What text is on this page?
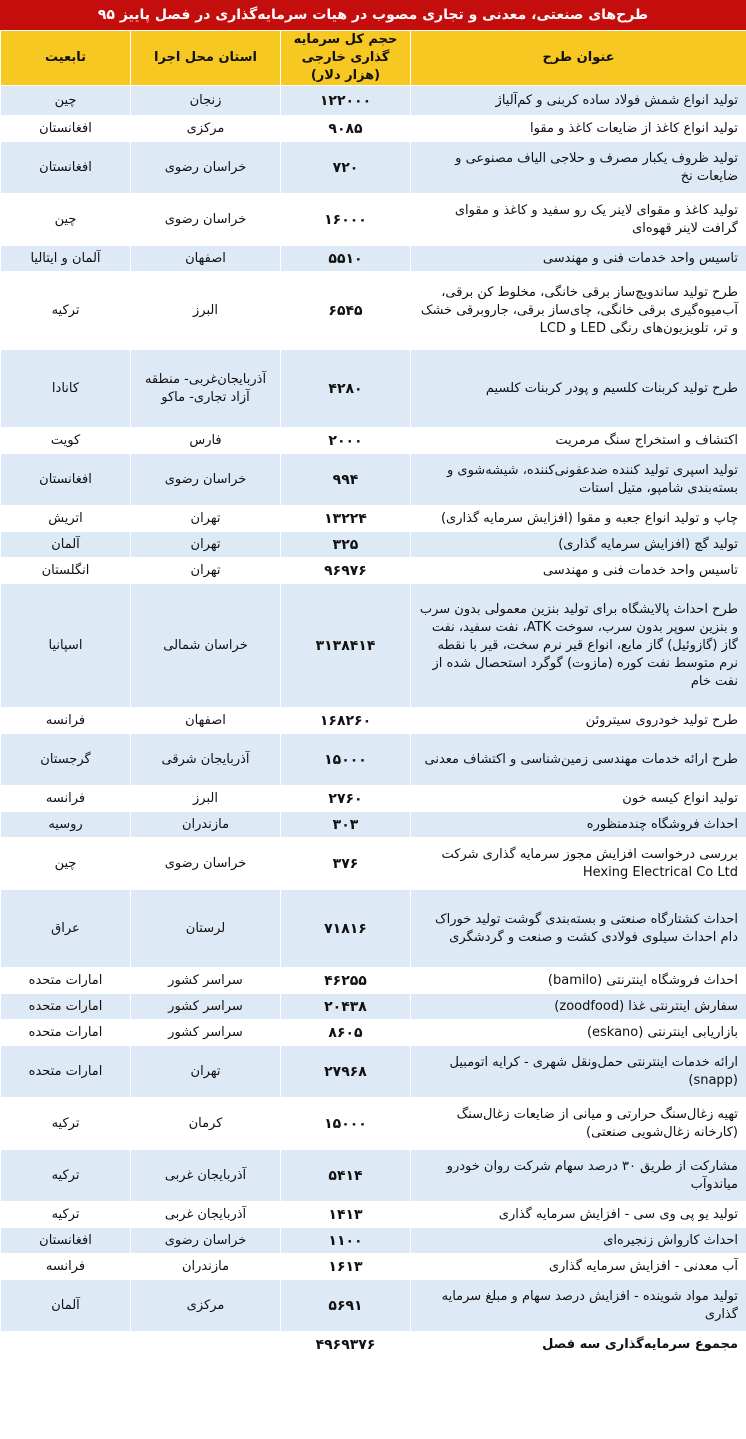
طرح‌های صنعتی، معدنی و تجاری مصوب در هیات سرمایه‌گذاری در فصل پاییز ۹۵
عنوان طرح	حجم کل سرمایه گذاری خارجی (هزار دلار)	استان محل اجرا	تابعیت
تولید انواع شمش فولاد ساده کربنی و کم‌آلیاژ	۱۲۲۰۰۰	زنجان	چین
تولید انواع کاغذ از ضایعات کاغذ و مقوا	۹۰۸۵	مرکزی	افغانستان
تولید ظروف یکبار مصرف و حلاجی الیاف مصنوعی و ضایعات نخ	۷۲۰	خراسان رضوی	افغانستان
تولید کاغذ و مقوای لاینر یک رو سفید و کاغذ و مقوای گرافت لاینر قهوه‌ای	۱۶۰۰۰	خراسان رضوی	چین
تاسیس واحد خدمات فنی و مهندسی	۵۵۱۰	اصفهان	آلمان و ایتالیا
طرح تولید ساندویچ‌ساز برقی خانگی، مخلوط کن برقی، آب‌میوه‌گیری برقی خانگی، چای‌ساز برقی، جاروبرقی خشک و تر، تلویزیون‌های رنگی LED و LCD	۶۵۴۵	البرز	ترکیه
طرح تولید کربنات کلسیم و پودر کربنات کلسیم	۴۲۸۰	آذربایجان‌غربی- منطقه آزاد تجاری- ماکو	کانادا
اکتشاف و استخراج سنگ مرمریت	۲۰۰۰	فارس	کویت
تولید اسپری تولید کننده ضدعفونی‌کننده، شیشه‌شوی و بسته‌بندی شامپو، متیل استات	۹۹۴	خراسان رضوی	افغانستان
چاپ و تولید انواع جعبه و مقوا (افزایش سرمایه گذاری)	۱۳۲۲۴	تهران	اتریش
تولید گچ (افزایش سرمایه گذاری)	۳۲۵	تهران	آلمان
تاسیس واحد خدمات فنی و مهندسی	۹۶۹۷۶	تهران	انگلستان
طرح احداث پالایشگاه برای تولید بنزین معمولی بدون سرب و بنزین سوپر بدون سرب، سوخت ATK، نفت سفید، نفت گاز (گازوئیل) گاز مایع، انواع قیر نرم سخت، قیر با نقطه نرم متوسط نفت کوره (مازوت) گوگرد استحصال شده از نفت خام	۳۱۳۸۴۱۴	خراسان شمالی	اسپانیا
طرح تولید خودروی سیتروئن	۱۶۸۲۶۰	اصفهان	فرانسه
طرح ارائه خدمات مهندسی زمین‌شناسی و اکتشاف معدنی	۱۵۰۰۰	آذربایجان شرقی	گرجستان
تولید انواع کیسه خون	۲۷۶۰	البرز	فرانسه
احداث فروشگاه چندمنظوره	۳۰۳	مازندران	روسیه
بررسی درخواست افزایش مجوز سرمایه گذاری شرکت Hexing Electrical Co Ltd	۳۷۶	خراسان رضوی	چین
احداث کشتارگاه صنعتی و بسته‌بندی گوشت تولید خوراک دام احداث سیلوی فولادی کشت و صنعت و گردشگری	۷۱۸۱۶	لرستان	عراق
احداث فروشگاه اینترنتی (bamilo)	۴۶۲۵۵	سراسر کشور	امارات متحده
سفارش اینترنتی غذا (zoodfood)	۲۰۴۳۸	سراسر کشور	امارات متحده
بازاریابی اینترنتی (eskano)	۸۶۰۵	سراسر کشور	امارات متحده
ارائه خدمات اینترنتی حمل‌ونقل شهری - کرایه اتومبیل (snapp)	۲۷۹۶۸	تهران	امارات متحده
تهیه زغال‌سنگ حرارتی و میانی از ضایعات زغال‌سنگ (کارخانه زغال‌شویی صنعتی)	۱۵۰۰۰	کرمان	ترکیه
مشارکت از طریق ۳۰ درصد سهام شرکت روان خودرو میاندوآب	۵۴۱۴	آذربایجان غربی	ترکیه
تولید یو پی وی سی - افزایش سرمایه گذاری	۱۴۱۳	آذربایجان غربی	ترکیه
احداث کارواش زنجیره‌ای	۱۱۰۰	خراسان رضوی	افغانستان
آب معدنی - افزایش سرمایه گذاری	۱۶۱۳	مازندران	فرانسه
تولید مواد شوینده - افزایش درصد سهام و مبلغ سرمایه گذاری	۵۶۹۱	مرکزی	آلمان
مجموع سرمایه‌گذاری سه فصل	۴۹۶۹۳۷۶		
